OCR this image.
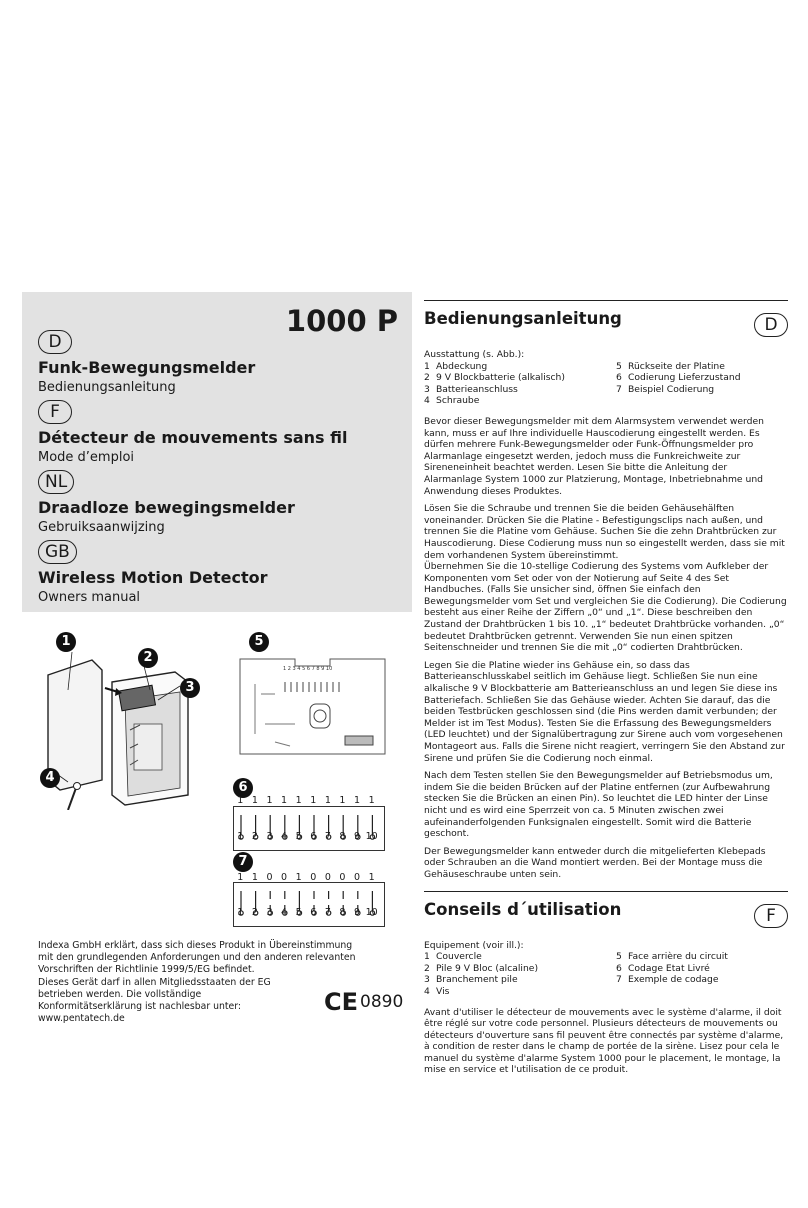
1000 P
D
Funk-Bewegungsmelder
Bedienungsanleitung
F
Détecteur de mouvements sans fil
Mode d’emploi
NL
Draadloze bewegingsmelder
Gebruiksaanwijzing
GB
Wireless Motion Detector
Owners manual
1
2
3
4
5
1 2 3 4 5 6 7 8 9 10
6
1 1 1 1 1 1 1 1 1 1
1 2 3 4 5 6 7 8 9 10
7
1 1 0 0 1 0 0 0 0 1
1 2 3 4 5 6 7 8 9 10
Indexa GmbH erklärt, dass sich dieses Produkt in Übereinstimmung mit den grundlegenden Anforderungen und den anderen relevanten Vorschriften der Richtlinie 1999/5/EG befindet.
Dieses Gerät darf in allen Mitgliedsstaaten der EG betrieben werden. Die vollständige Konformitätserklärung ist nachlesbar unter: www.pentatech.de
CE 0890
Bedienungsanleitung	D
Ausstattung (s. Abb.):
1 Abdeckung
2 9 V Blockbatterie (alkalisch)
3 Batterieanschluss
4 Schraube
5 Rückseite der Platine
6 Codierung Lieferzustand
7 Beispiel Codierung

Bevor dieser Bewegungsmelder mit dem Alarmsystem verwendet werden kann, muss er auf Ihre individuelle Hauscodierung eingestellt werden. Es dürfen mehrere Funk-Bewegungsmelder oder Funk-Öffnungsmelder pro Alarmanlage eingesetzt werden, jedoch muss die Funkreichweite zur Sireneneinheit beachtet werden. Lesen Sie bitte die Anleitung der Alarmanlage System 1000 zur Platzierung, Montage, Inbetriebnahme und Anwendung dieses Produktes.

Lösen Sie die Schraube und trennen Sie die beiden Gehäusehälften voneinander. Drücken Sie die Platine - Befestigungsclips nach außen, und trennen Sie die Platine vom Gehäuse. Suchen Sie die zehn Drahtbrücken zur Hauscodierung. Diese Codierung muss nun so eingestellt werden, dass sie mit dem vorhandenen System übereinstimmt.

Übernehmen Sie die 10-stellige Codierung des Systems vom Aufkleber der Komponenten vom Set oder von der Notierung auf Seite 4 des Set Handbuches. (Falls Sie unsicher sind, öffnen Sie einfach den Bewegungsmelder vom Set und vergleichen Sie die Codierung). Die Codierung besteht aus einer Reihe der Ziffern „0“ und „1“. Diese beschreiben den Zustand der Drahtbrücken 1 bis 10. „1“ bedeutet Drahtbrücke vorhanden. „0“ bedeutet Drahtbrücken getrennt. Verwenden Sie nun einen spitzen Seitenschneider und trennen Sie die mit „0“ codierten Drahtbrücken.

Legen Sie die Platine wieder ins Gehäuse ein, so dass das Batterieanschlusskabel seitlich im Gehäuse liegt. Schließen Sie nun eine alkalische 9 V Blockbatterie am Batterieanschluss an und legen Sie diese ins Batteriefach. Schließen Sie das Gehäuse wieder. Achten Sie darauf, das die beiden Testbrücken geschlossen sind (die Pins werden damit verbunden; der Melder ist im Test Modus). Testen Sie die Erfassung des Bewegungsmelders (LED leuchtet) und der Signalübertragung zur Sirene auch vom vorgesehenen Montageort aus. Falls die Sirene nicht reagiert, verringern Sie den Abstand zur Sirene und prüfen Sie die Codierung noch einmal.

Nach dem Testen stellen Sie den Bewegungsmelder auf Betriebsmodus um, indem Sie die beiden Brücken auf der Platine entfernen (zur Aufbewahrung stecken Sie die Brücken an einen Pin). So leuchtet die LED hinter der Linse nicht und es wird eine Sperrzeit von ca. 5 Minuten zwischen zwei aufeinanderfolgenden Funksignalen eingestellt. Somit wird die Batterie geschont.

Der Bewegungsmelder kann entweder durch die mitgelieferten Klebepads oder Schrauben an die Wand montiert werden. Bei der Montage muss die Gehäuseschraube unten sein.

Conseils d´utilisation	F
Equipement (voir ill.):
1 Couvercle
2 Pile 9 V Bloc (alcaline)
3 Branchement pile
4 Vis
5 Face arrière du circuit
6 Codage Etat Livré
7 Exemple de codage

Avant d'utiliser le détecteur de mouvements avec le système d'alarme, il doit être réglé sur votre code personnel. Plusieurs détecteurs de mouvements ou détecteurs d'ouverture sans fil peuvent être connectés par système d'alarme, à condition de rester dans le champ de portée de la sirène. Lisez pour cela le manuel du système d'alarme System 1000 pour le placement, le montage, la mise en service et l'utilisation de ce produit.
